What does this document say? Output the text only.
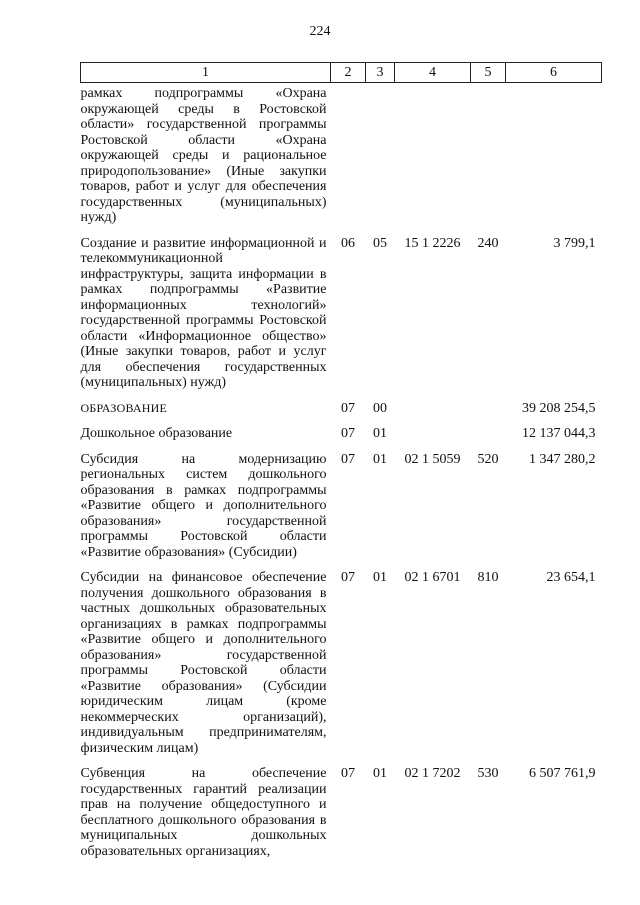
224
1	2	3	4	5	6
рамках подпрограммы «Охрана окружающей среды в Ростовской области» государственной программы Ростовской области «Охрана окружающей среды и рациональное природопользование» (Иные закупки товаров, работ и услуг для обеспечения государственных (муниципальных) нужд)					
Создание и развитие информационной и телекоммуникационной инфраструктуры, защита информации в рамках подпрограммы «Развитие информационных технологий» государственной программы Ростовской области «Информационное общество» (Иные закупки товаров, работ и услуг для обеспечения государственных (муниципальных) нужд)	06	05	15 1 2226	240	3 799,1
ОБРАЗОВАНИЕ	07	00			39 208 254,5
Дошкольное образование	07	01			12 137 044,3
Субсидия на модернизацию региональных систем дошкольного образования в рамках подпрограммы «Развитие общего и дополнительного образования» государственной программы Ростовской области «Развитие образования» (Субсидии)	07	01	02 1 5059	520	1 347 280,2
Субсидии на финансовое обеспечение получения дошкольного образования в частных дошкольных образовательных организациях в рамках подпрограммы «Развитие общего и дополнительного образования» государственной программы Ростовской области «Развитие образования» (Субсидии юридическим лицам (кроме некоммерческих организаций), индивидуальным предпринимателям, физическим лицам)	07	01	02 1 6701	810	23 654,1
Субвенция на обеспечение государственных гарантий реализации прав на получение общедоступного и бесплатного дошкольного образования в муниципальных дошкольных образовательных организациях,	07	01	02 1 7202	530	6 507 761,9
